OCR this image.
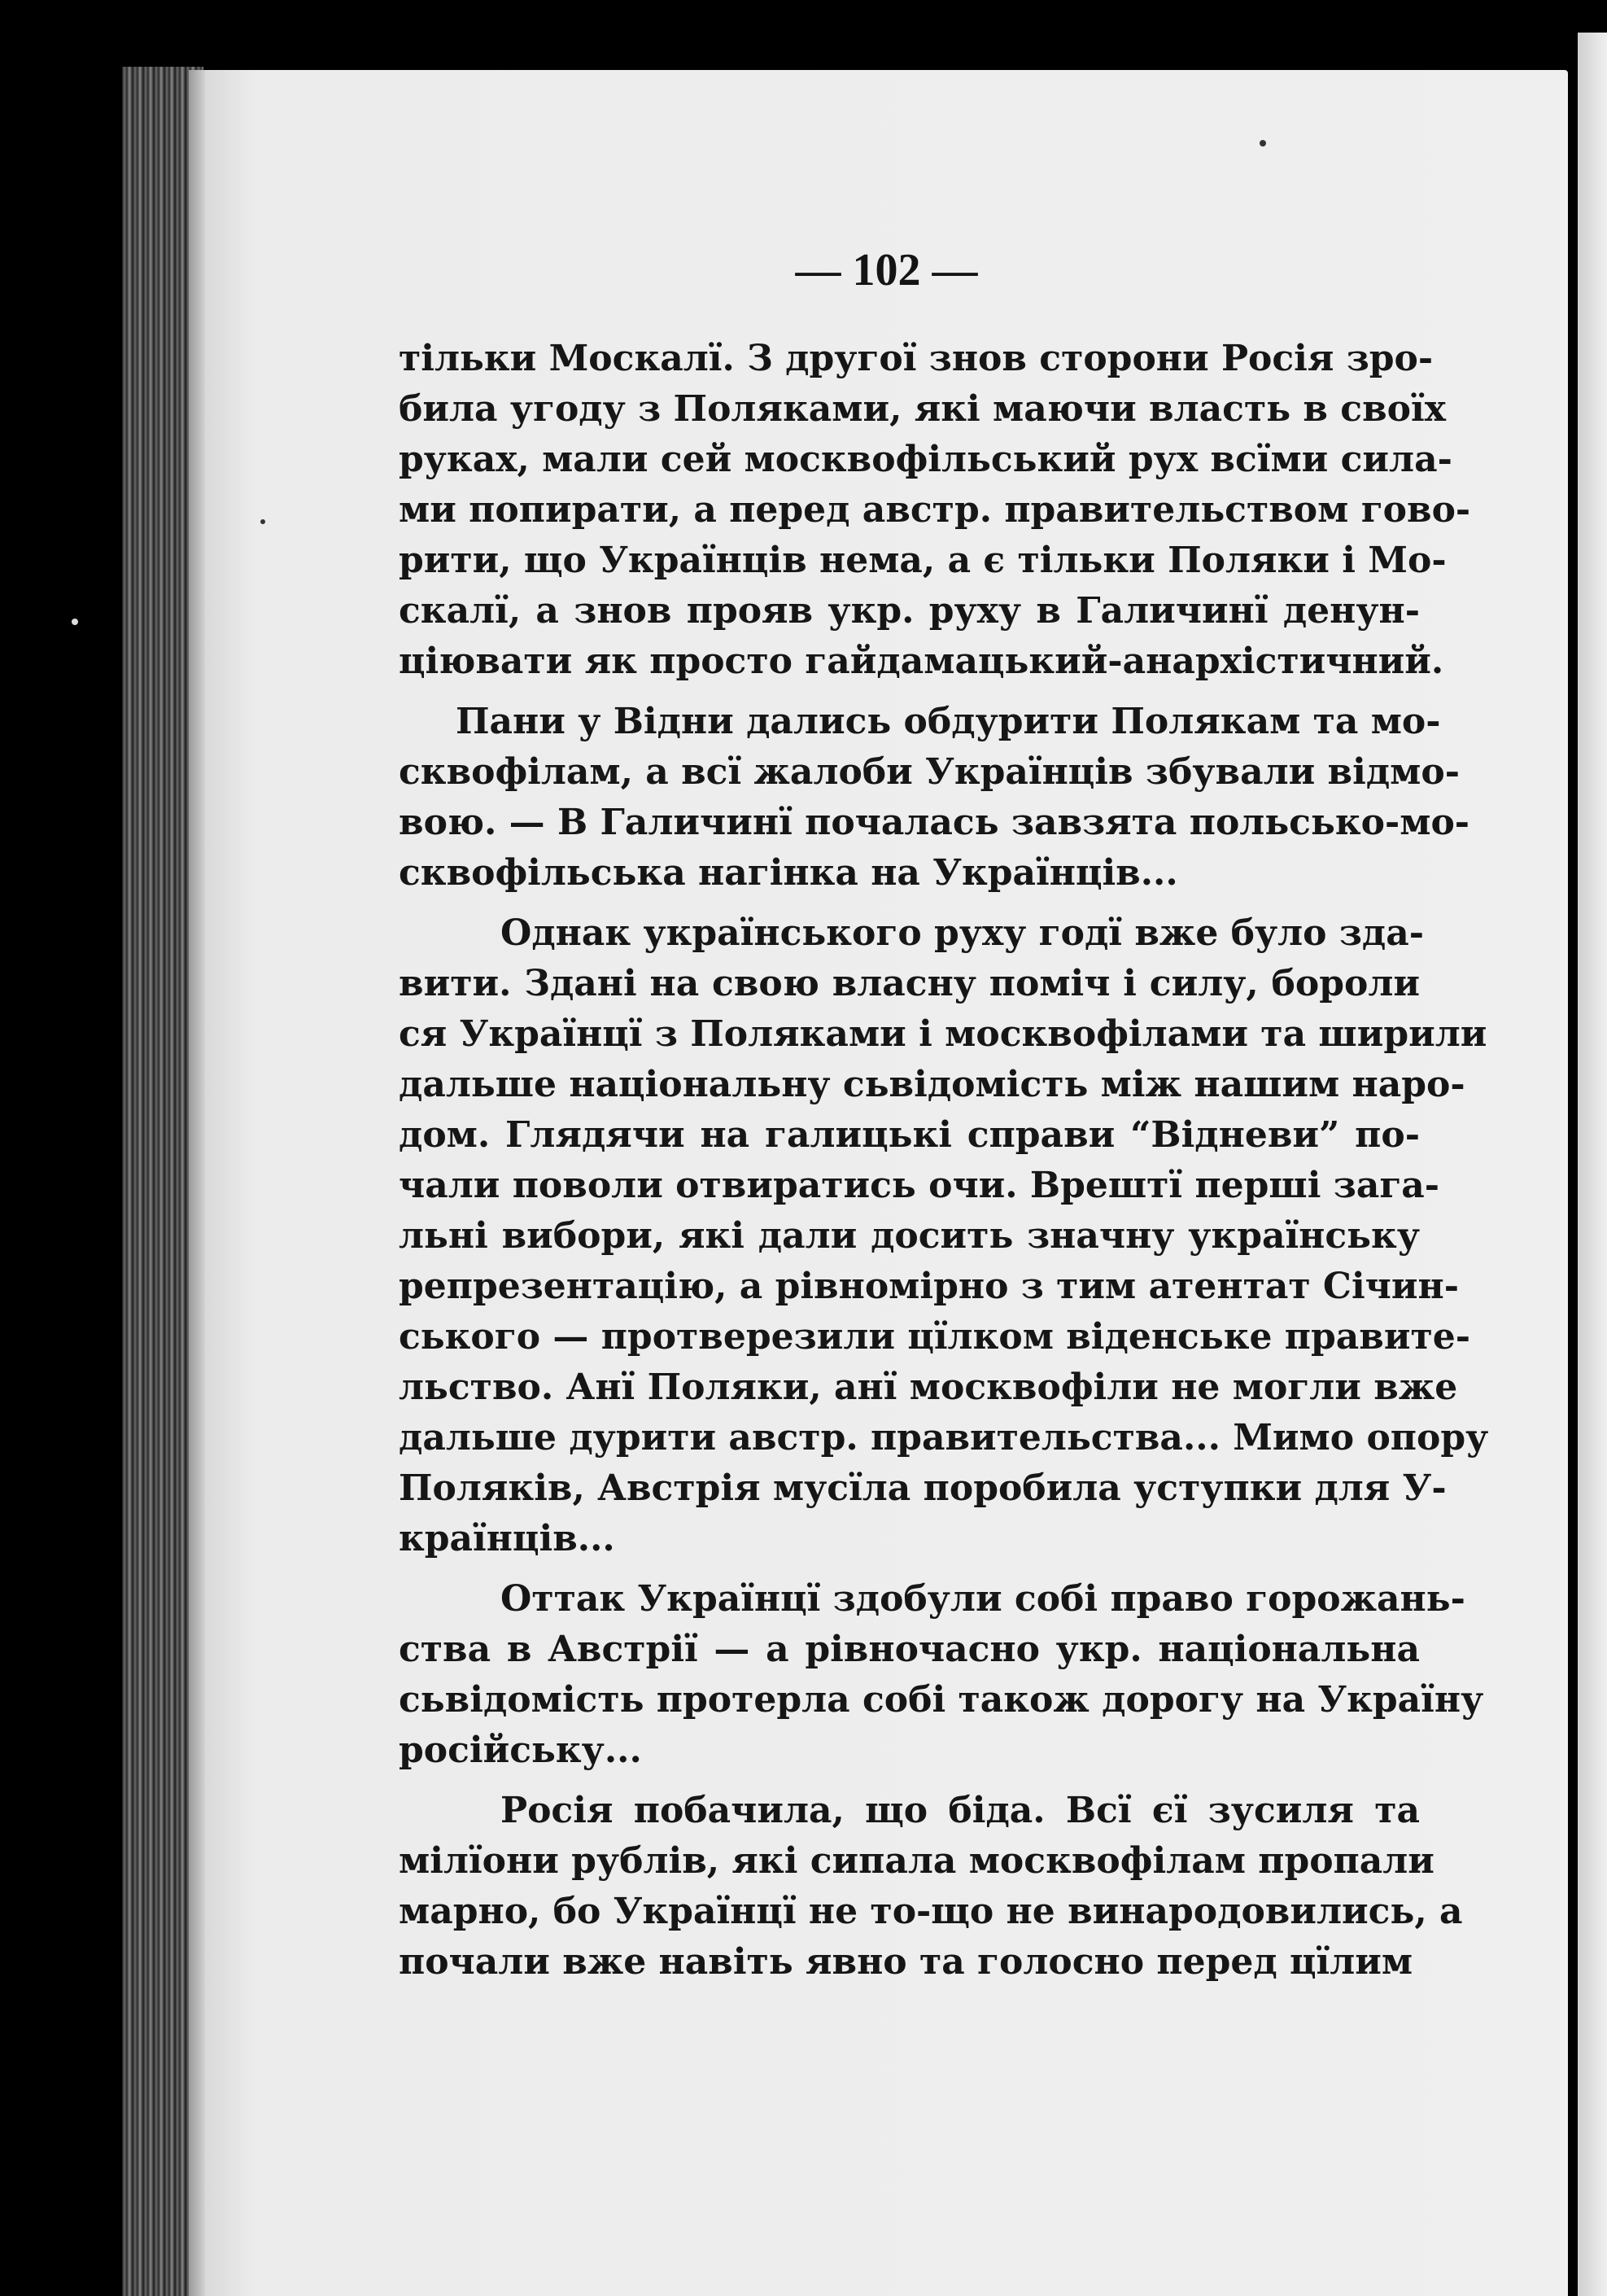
— 102 —
тільки Москалї. З другої знов сторони Росія зро-
била угоду з Поляками, які маючи власть в своїх
руках, мали сей москвофільський рух всїми сила-
ми попирати, а перед австр. правительством гово-
рити, що Українців нема, а є тільки Поляки і Мо-
скалї, а знов прояв укр. руху в Галичинї денун-
ціювати як просто гайдамацький-анархістичний.
Пани у Відни дались обдурити Полякам та мо-
сквофілам, а всї жалоби Українців збували відмо-
вою. — В Галичинї почалась завзята польсько-мо-
сквофільська нагінка на Українців...
Однак українського руху годї вже було зда-
вити. Здані на свою власну поміч і силу, бороли
ся Українцї з Поляками і москвофілами та ширили
дальше національну сьвідомість між нашим наро-
дом. Глядячи на галицькі справи “Відневи” по-
чали поволи отвиратись очи. Врештї перші зага-
льні вибори, які дали досить значну українську
репрезентацію, а рівномірно з тим атентат Січин-
ського — протверезили цїлком віденське правите-
льство. Анї Поляки, анї москвофіли не могли вже
дальше дурити австр. правительства... Мимо опору
Поляків, Австрія мусїла поробила уступки для У-
країнців...
Оттак Українцї здобули собі право горожань-
ства в Австрії — а рівночасно укр. національна
сьвідомість протерла собі також дорогу на Україну
російську...
Росія побачила, що біда. Всї єї зусиля та
мілїони рублів, які сипала москвофілам пропали
марно, бо Українцї не то-що не винародовились, а
почали вже навіть явно та голосно перед цїлим
